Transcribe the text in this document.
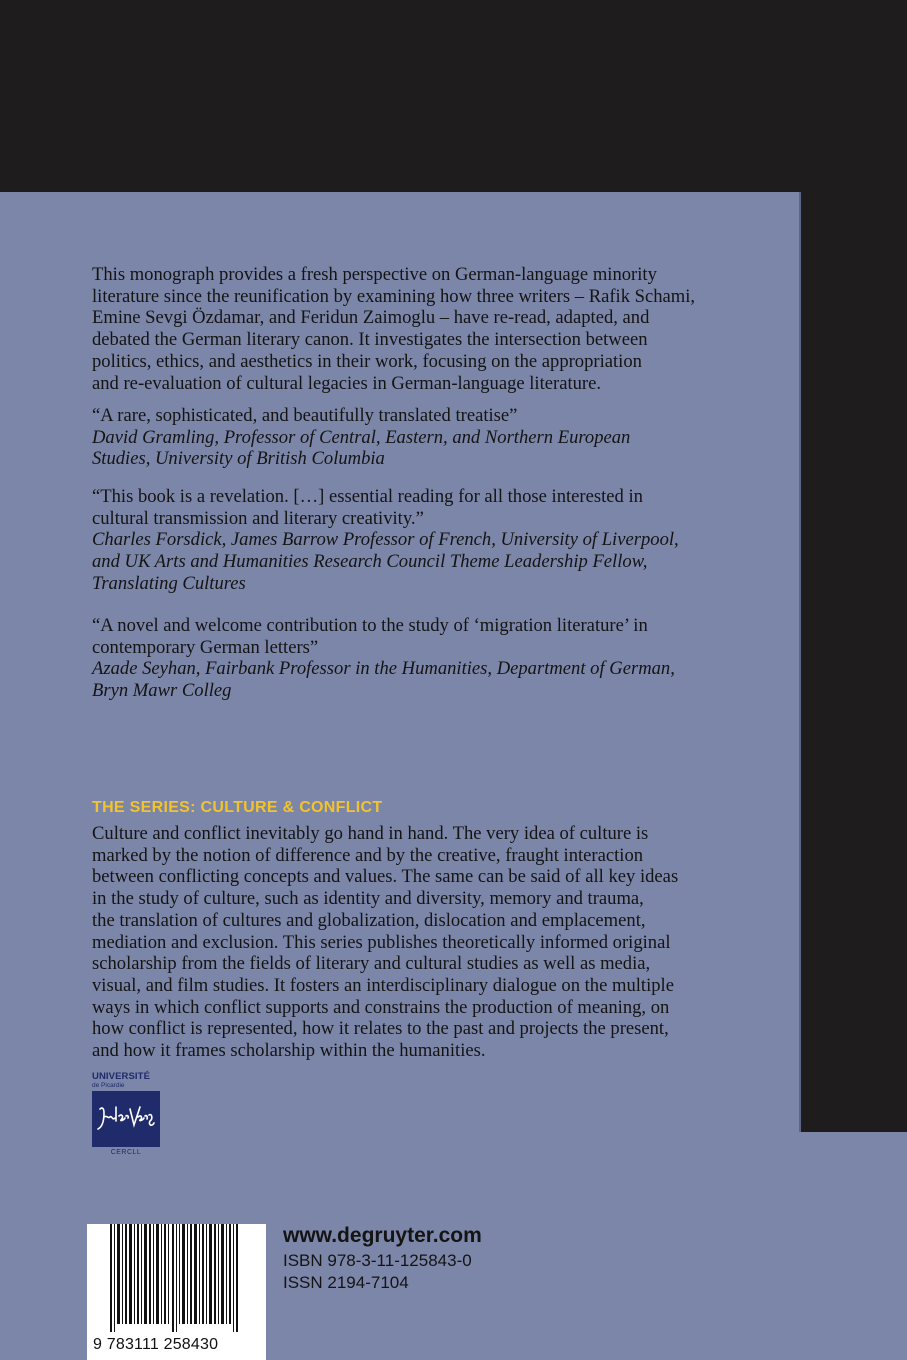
This monograph provides a fresh perspective on German-language minority

literature since the reunification by examining how three writers – Rafik Schami,

Emine Sevgi Özdamar, and Feridun Zaimoglu – have re-read, adapted, and

debated the German literary canon. It investigates the intersection between

politics, ethics, and aesthetics in their work, focusing on the appropriation

and re-evaluation of cultural legacies in German-language literature.

“A rare, sophisticated, and beautifully translated treatise”

David Gramling, Professor of Central, Eastern, and Northern European

Studies, University of British Columbia

“This book is a revelation. […] essential reading for all those interested in

cultural transmission and literary creativity.”

Charles Forsdick, James Barrow Professor of French, University of Liverpool,

and UK Arts and Humanities Research Council Theme Leadership Fellow,

Translating Cultures

“A novel and welcome contribution to the study of ‘migration literature’ in

contemporary German letters”

Azade Seyhan, Fairbank Professor in the Humanities, Department of German,

Bryn Mawr Colleg

THE SERIES: CULTURE & CONFLICT

Culture and conflict inevitably go hand in hand. The very idea of culture is

marked by the notion of difference and by the creative, fraught interaction

between conflicting concepts and values. The same can be said of all key ideas

in the study of culture, such as identity and diversity, memory and trauma,

the translation of cultures and globalization, dislocation and emplacement,

mediation and exclusion. This series publishes theoretically informed original

scholarship from the fields of literary and cultural studies as well as media,

visual, and film studies. It fosters an interdisciplinary dialogue on the multiple

ways in which conflict supports and constrains the production of meaning, on

how conflict is represented, how it relates to the past and projects the present,

and how it frames scholarship within the humanities.

UNIVERSITÉ
de Picardie
CERCLL
9 783111 258430
www.degruyter.com
ISBN 978-3-11-125843-0
ISSN 2194-7104
